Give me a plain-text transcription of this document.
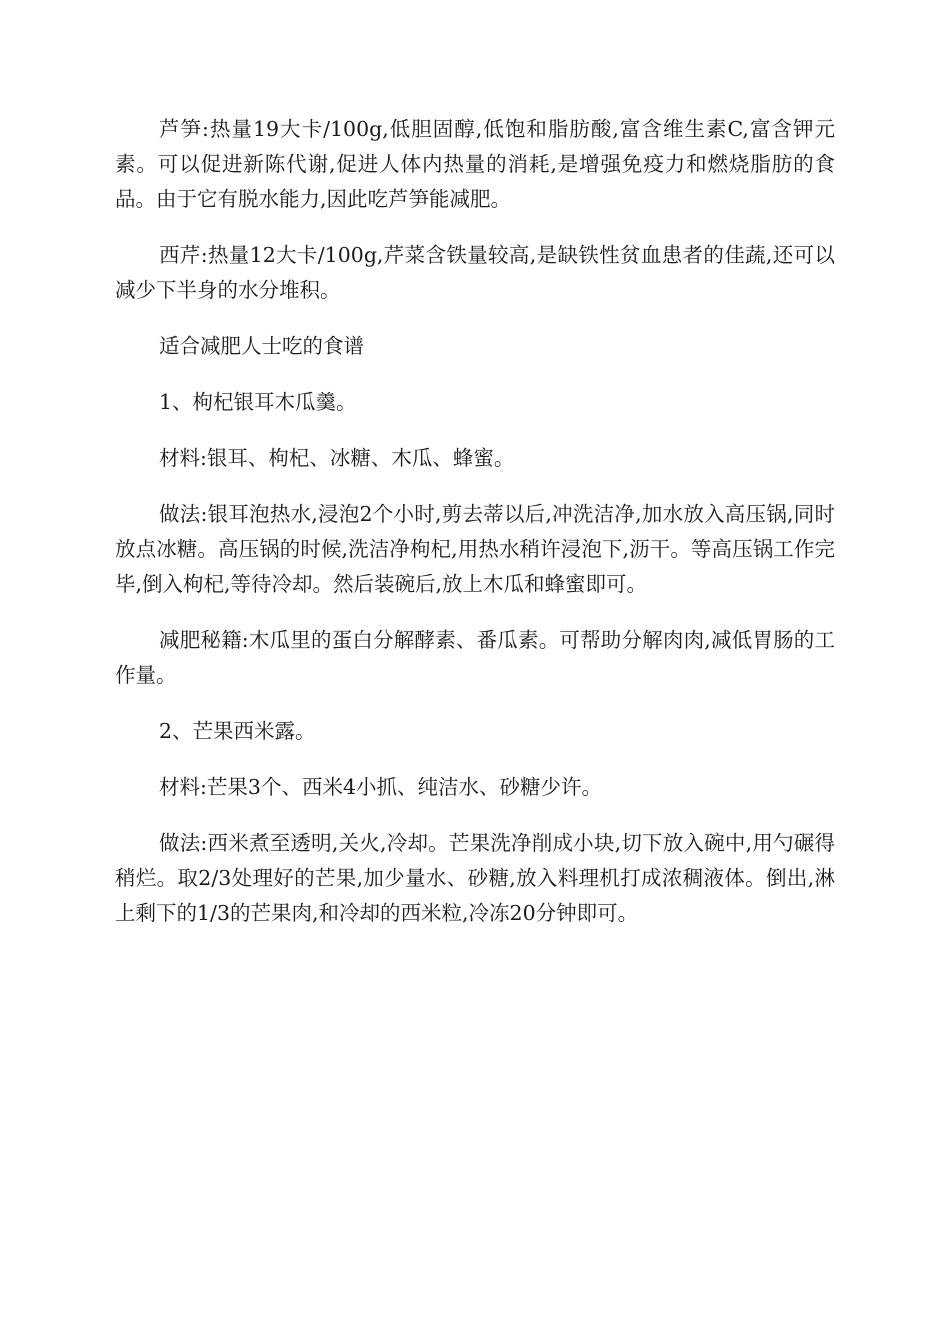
芦笋:热量19大卡/100g,低胆固醇,低饱和脂肪酸,富含维生素C,富含钾元素。可以促进新陈代谢,促进人体内热量的消耗,是增强免疫力和燃烧脂肪的食品。由于它有脱水能力,因此吃芦笋能减肥。

西芹:热量12大卡/100g,芹菜含铁量较高,是缺铁性贫血患者的佳蔬,还可以减少下半身的水分堆积。

适合减肥人士吃的食谱

1、枸杞银耳木瓜羹。

材料:银耳、枸杞、冰糖、木瓜、蜂蜜。

做法:银耳泡热水,浸泡2个小时,剪去蒂以后,冲洗洁净,加水放入高压锅,同时放点冰糖。高压锅的时候,洗洁净枸杞,用热水稍许浸泡下,沥干。等高压锅工作完毕,倒入枸杞,等待冷却。然后装碗后,放上木瓜和蜂蜜即可。

减肥秘籍:木瓜里的蛋白分解酵素、番瓜素。可帮助分解肉肉,减低胃肠的工作量。

2、芒果西米露。

材料:芒果3个、西米4小抓、纯洁水、砂糖少许。

做法:西米煮至透明,关火,冷却。芒果洗净削成小块,切下放入碗中,用勺碾得稍烂。取2/3处理好的芒果,加少量水、砂糖,放入料理机打成浓稠液体。倒出,淋上剩下的1/3的芒果肉,和冷却的西米粒,冷冻20分钟即可。
